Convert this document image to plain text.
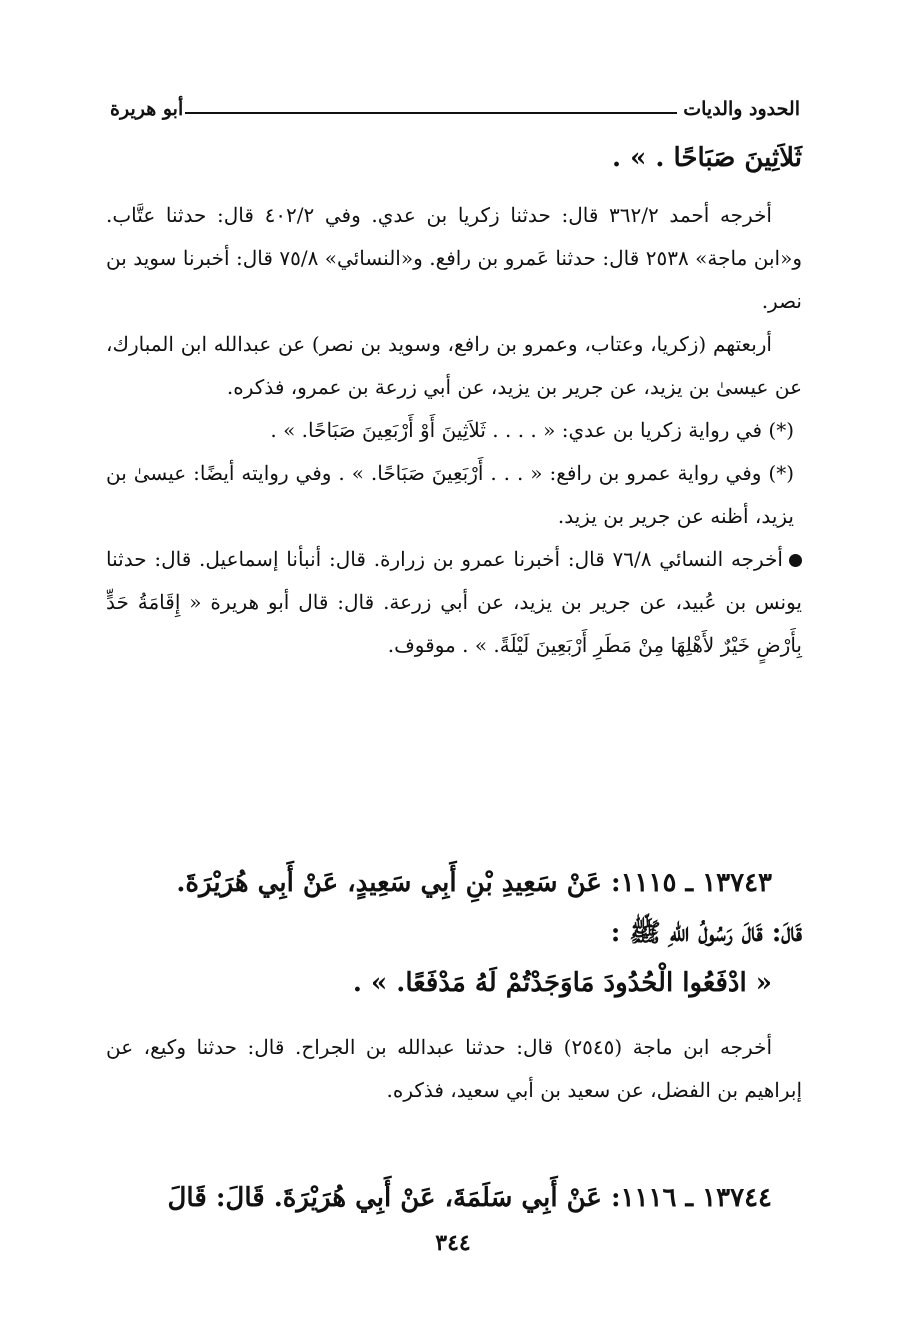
الحدود والديات
أبو هريرة

ثَلاَثِينَ صَبَاحًا . » .

أخرجه أحمد ٣٦٢/٢ قال: حدثنا زكريا بن عدي. وفي ٤٠٢/٢ قال: حدثنا عتَّاب. و«ابن ماجة» ٢٥٣٨ قال: حدثنا عَمرو بن رافع. و«النسائي» ٧٥/٨ قال: أخبرنا سويد بن نصر.

أربعتهم (زكريا، وعتاب، وعمرو بن رافع، وسويد بن نصر) عن عبدالله ابن المبارك، عن عيسىٰ بن يزيد، عن جرير بن يزيد، عن أبي زرعة بن عمرو، فذكره.

(*) في رواية زكريا بن عدي: « . . . . ثَلاَثِينَ أَوْ أَرْبَعِينَ صَبَاحًا. » .

(*) وفي رواية عمرو بن رافع: « . . . أَرْبَعِينَ صَبَاحًا. » . وفي روايته أيضًا: عيسىٰ بن يزيد، أظنه عن جرير بن يزيد.

أخرجه النسائي ٧٦/٨ قال: أخبرنا عمرو بن زرارة. قال: أنبأنا إسماعيل. قال: حدثنا يونس بن عُبيد، عن جرير بن يزيد، عن أبي زرعة. قال: قال أبو هريرة « إِقَامَةُ حَدٍّ بِأَرْضٍ خَيْرٌ لأَهْلِهَا مِنْ مَطَرِ أَرْبَعِينَ لَيْلَةً. » . موقوف.

١٣٧٤٣ ـ ١١١٥: عَنْ سَعِيدِ بْنِ أَبِي سَعِيدٍ، عَنْ أَبِي هُرَيْرَةَ.

قَالَ: قَالَ رَسُولُ اللهِ ﷺ :

« ادْفَعُوا الْحُدُودَ مَاوَجَدْتُمْ لَهُ مَدْفَعًا. » .

أخرجه ابن ماجة (٢٥٤٥) قال: حدثنا عبدالله بن الجراح. قال: حدثنا وكيع، عن إبراهيم بن الفضل، عن سعيد بن أبي سعيد، فذكره.

١٣٧٤٤ ـ ١١١٦: عَنْ أَبِي سَلَمَةَ، عَنْ أَبِي هُرَيْرَةَ. قَالَ: قَالَ

٣٤٤
